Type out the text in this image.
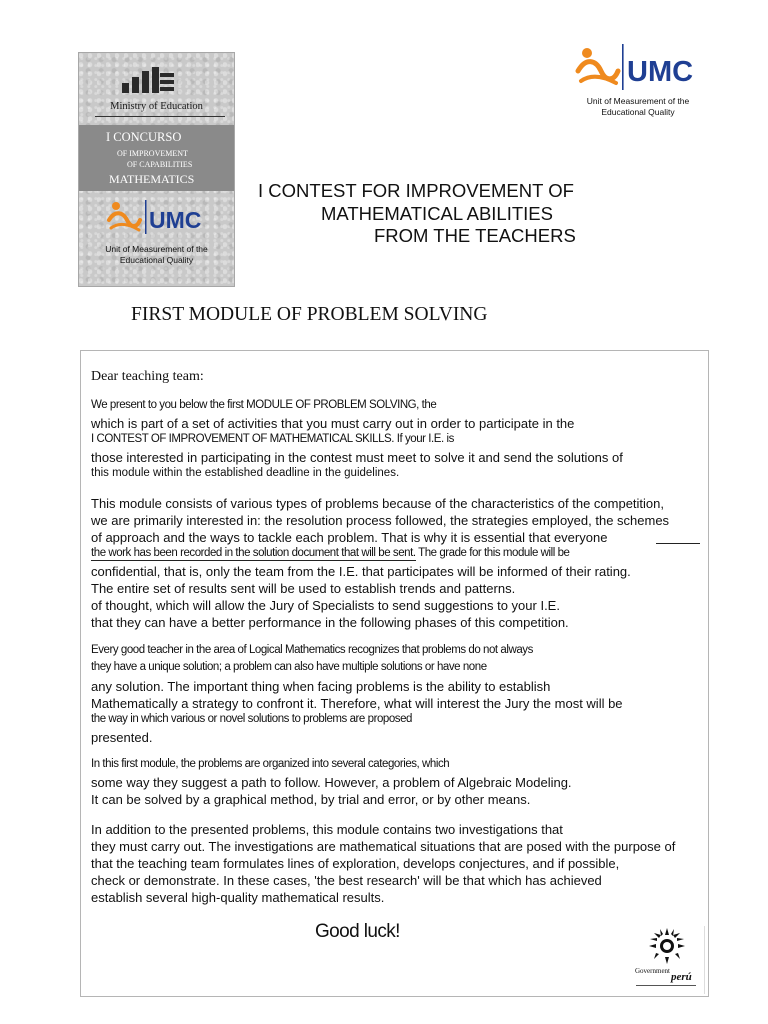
Ministry of Education
I CONCURSO
OF IMPROVEMENT
OF CAPABILITIES
MATHEMATICS
UMC
Unit of Measurement of the
Educational Quality
UMC
Unit of Measurement of the
Educational Quality
I CONTEST FOR IMPROVEMENT OF
MATHEMATICAL ABILITIES
FROM THE TEACHERS
FIRST MODULE OF PROBLEM SOLVING
Dear teaching team:
We present to you below the first MODULE OF PROBLEM SOLVING, the
which is part of a set of activities that you must carry out in order to participate in the
I CONTEST OF IMPROVEMENT OF MATHEMATICAL SKILLS. If your I.E. is
those interested in participating in the contest must meet to solve it and send the solutions of
this module within the established deadline in the guidelines.
This module consists of various types of problems because of the characteristics of the competition,
we are primarily interested in: the resolution process followed, the strategies employed, the schemes
of approach and the ways to tackle each problem. That is why it is essential that everyone
the work has been recorded in the solution document that will be sent. The grade for this module will be
confidential, that is, only the team from the I.E. that participates will be informed of their rating.
The entire set of results sent will be used to establish trends and patterns.
of thought, which will allow the Jury of Specialists to send suggestions to your I.E.
that they can have a better performance in the following phases of this competition.
Every good teacher in the area of Logical Mathematics recognizes that problems do not always
they have a unique solution; a problem can also have multiple solutions or have none
any solution. The important thing when facing problems is the ability to establish
Mathematically a strategy to confront it. Therefore, what will interest the Jury the most will be
the way in which various or novel solutions to problems are proposed
presented.
In this first module, the problems are organized into several categories, which
some way they suggest a path to follow. However, a problem of Algebraic Modeling.
It can be solved by a graphical method, by trial and error, or by other means.
In addition to the presented problems, this module contains two investigations that
they must carry out. The investigations are mathematical situations that are posed with the purpose of
that the teaching team formulates lines of exploration, develops conjectures, and if possible,
check or demonstrate. In these cases, 'the best research' will be that which has achieved
establish several high-quality mathematical results.
Good luck!
Government perú
